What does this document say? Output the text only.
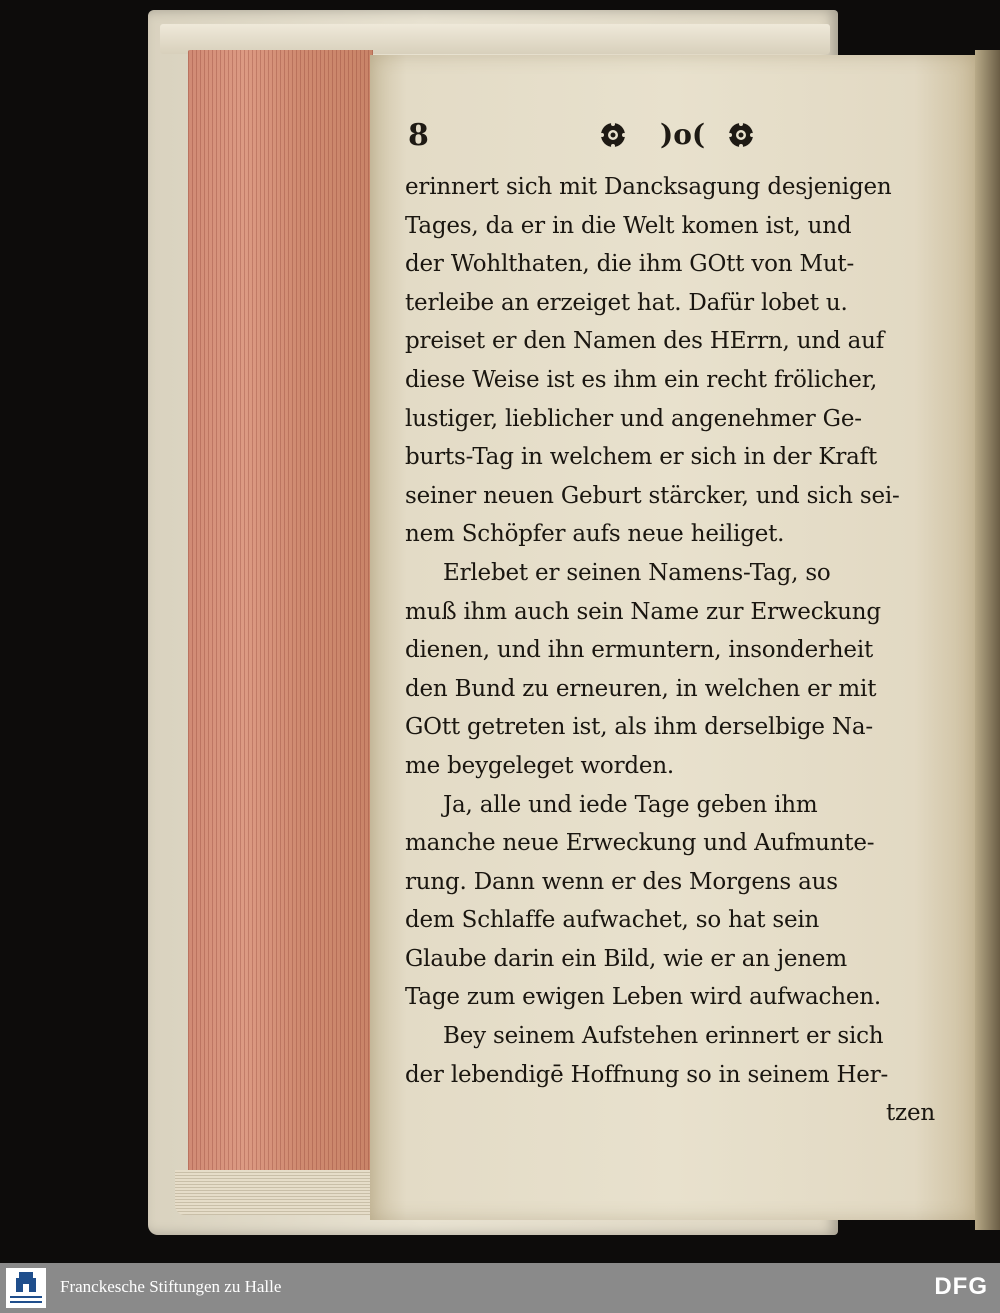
8	)o(
erinnert sich mit Dancksagung desjenigen
Tages, da er in die Welt komen ist, und
der Wohlthaten, die ihm GOtt von Mut-
terleibe an erzeiget hat. Dafür lobet u.
preiset er den Namen des HErrn, und auf
diese Weise ist es ihm ein recht frölicher,
lustiger, lieblicher und angenehmer Ge-
burts-Tag in welchem er sich in der Kraft
seiner neuen Geburt stärcker, und sich sei-
nem Schöpfer aufs neue heiliget.
Erlebet er seinen Namens-Tag, so
muß ihm auch sein Name zur Erweckung
dienen, und ihn ermuntern, insonderheit
den Bund zu erneuren, in welchen er mit
GOtt getreten ist, als ihm derselbige Na-
me beygeleget worden.
Ja, alle und iede Tage geben ihm
manche neue Erweckung und Aufmunte-
rung. Dann wenn er des Morgens aus
dem Schlaffe aufwachet, so hat sein
Glaube darin ein Bild, wie er an jenem
Tage zum ewigen Leben wird aufwachen.
Bey seinem Aufstehen erinnert er sich
der lebendigē Hoffnung so in seinem Her-
tzen
Franckesche Stiftungen zu Halle	DFG
